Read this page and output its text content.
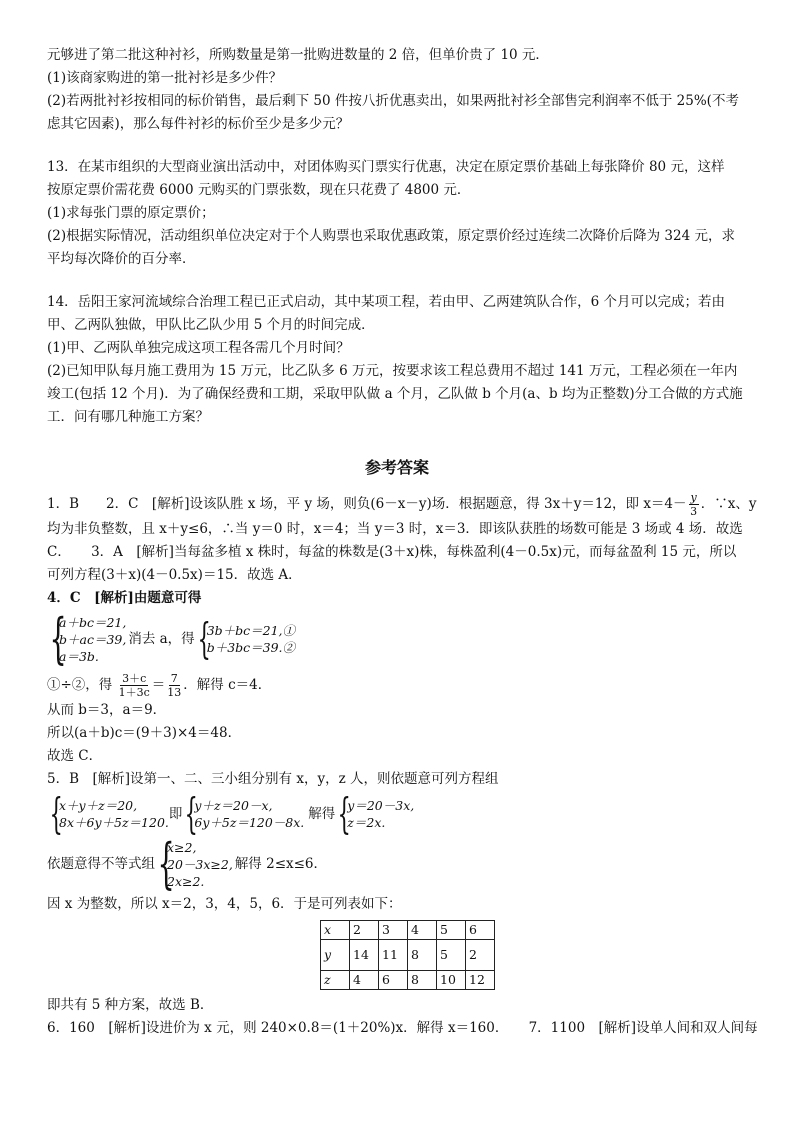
元够进了第二批这种衬衫，所购数量是第一批购进数量的 2 倍，但单价贵了 10 元．

(1)该商家购进的第一批衬衫是多少件？

(2)若两批衬衫按相同的标价销售，最后剩下 50 件按八折优惠卖出，如果两批衬衫全部售完利润率不低于 25%(不考

虑其它因素)，那么每件衬衫的标价至少是多少元？

13．在某市组织的大型商业演出活动中，对团体购买门票实行优惠，决定在原定票价基础上每张降价 80 元，这样

按原定票价需花费 6000 元购买的门票张数，现在只花费了 4800 元．

(1)求每张门票的原定票价；

(2)根据实际情况，活动组织单位决定对于个人购票也采取优惠政策，原定票价经过连续二次降价后降为 324 元，求

平均每次降价的百分率．

14．岳阳王家河流域综合治理工程已正式启动，其中某项工程，若由甲、乙两建筑队合作，6 个月可以完成；若由

甲、乙两队独做，甲队比乙队少用 5 个月的时间完成．

(1)甲、乙两队单独完成这项工程各需几个月时间？

(2)已知甲队每月施工费用为 15 万元，比乙队多 6 万元，按要求该工程总费用不超过 141 万元，工程必须在一年内

竣工(包括 12 个月)．为了确保经费和工期，采取甲队做 a 个月，乙队做 b 个月(a、b 均为正整数)分工合做的方式施

工．问有哪几种施工方案？

参考答案

1．B　　2．C　[解析]设该队胜 x 场，平 y 场，则负(6－x－y)场．根据题意，得 3x＋y＝12，即 $x=4- \frac{y}{3}$ ．∵x、y

均为非负整数，且 x＋y≤6，∴当 y＝0 时，x＝4；当 y＝3 时，x＝3．即该队获胜的场数可能是 3 场或 4 场．故选

C．　　3．A　[解析]当每盆多植 x 株时，每盆的株数是(3＋x)株，每株盈利(4－0.5x)元，而每盆盈利 15 元，所以

可列方程(3＋x)(4－0.5x)＝15．故选 A．

4．C　[解析]由题意可得

{
a＋bc＝21,
b＋ac＝39,
a＝3b.
消去 a，得 {
3b＋bc＝21,①
b＋3bc＝39.②

①÷②，得 $\frac{3+c}{1+3c} = \frac{7}{13}$ ．解得 c＝4．

从而 b＝3，a＝9．

所以(a＋b)c＝(9＋3)×4＝48．

故选 C．

5．B　[解析]设第一、二、三小组分别有 x，y，z 人，则依题意可列方程组

{
x＋y＋z＝20,
8x＋6y＋5z＝120.
即 {
y＋z＝20－x,
6y＋5z＝120－8x.
解得 {
y＝20－3x,
z＝2x.
依题意得不等式组 {
x≥2,
20－3x≥2,
2x≥2.
解得 2≤x≤6．

因 x 为整数，所以 x＝2，3，4，5，6．于是可列表如下：

x	2	3	4	5	6
y	14	11	8	5	2
z	4	6	8	10	12

即共有 5 种方案，故选 B．

6．160　[解析]设进价为 x 元，则 240×0.8＝(1＋20%)x．解得 x＝160．　　7．1100　[解析]设单人间和双人间每
